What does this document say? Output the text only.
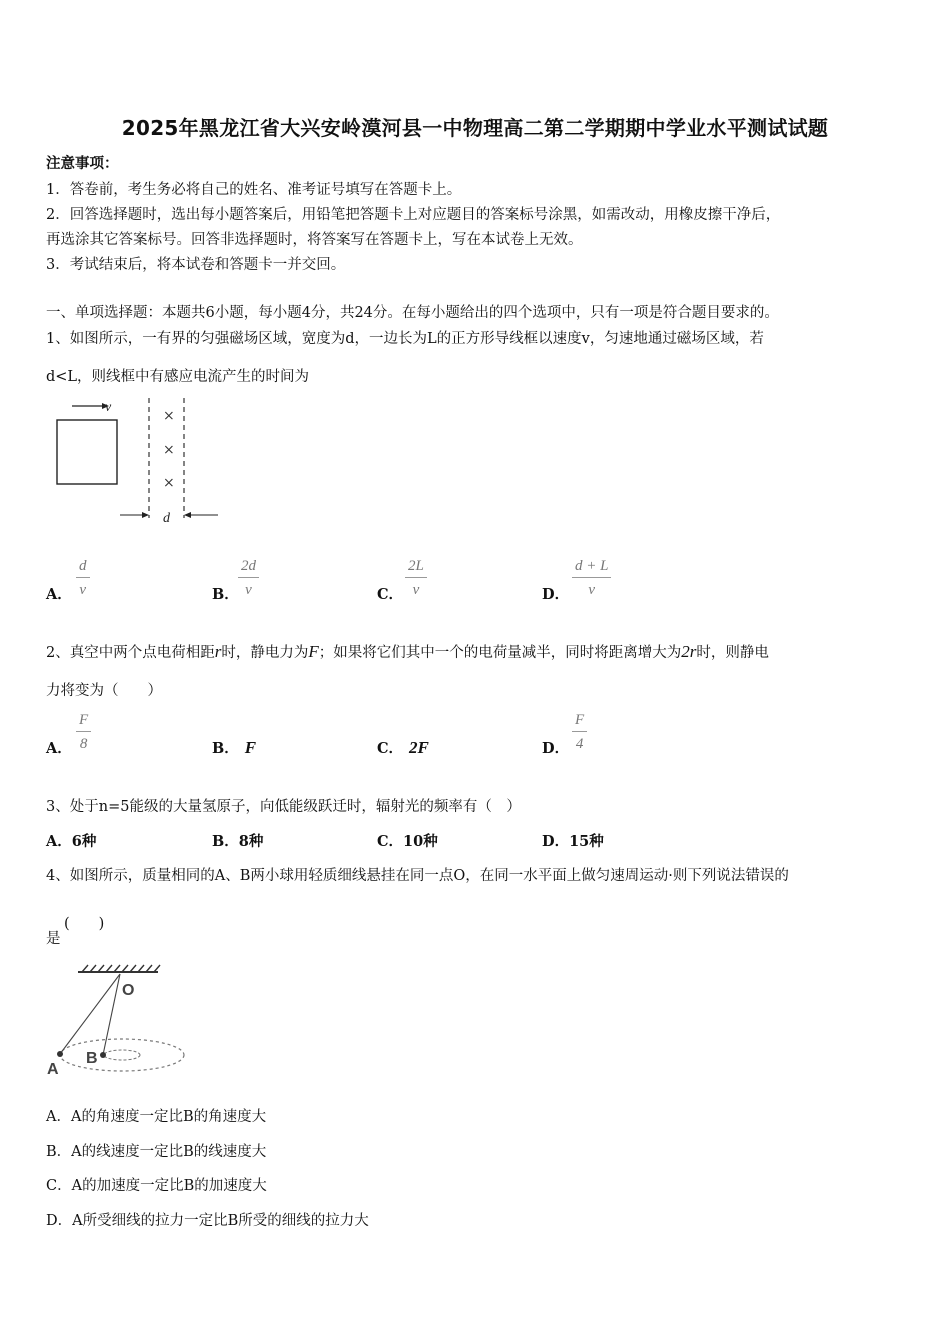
2025年黑龙江省大兴安岭漠河县一中物理高二第二学期期中学业水平测试试题
注意事项：
1．答卷前，考生务必将自己的姓名、准考证号填写在答题卡上。
2．回答选择题时，选出每小题答案后，用铅笔把答题卡上对应题目的答案标号涂黑，如需改动，用橡皮擦干净后，
再选涂其它答案标号。回答非选择题时，将答案写在答题卡上，写在本试卷上无效。
3．考试结束后，将本试卷和答题卡一并交回。
一、单项选择题：本题共6小题，每小题4分，共24分。在每小题给出的四个选项中，只有一项是符合题目要求的。
1、如图所示，一有界的匀强磁场区域，宽度为d，一边长为L的正方形导线框以速度v，匀速地通过磁场区域，若
d<L，则线框中有感应电流产生的时间为
v
×
×
×
d
A． $\frac{d}{v}$	B． $\frac{2d}{v}$	C． $\frac{2L}{v}$	D． $\frac{d + L}{v}$
2、真空中两个点电荷相距r时，静电力为F；如果将它们其中一个的电荷量减半，同时将距离增大为2r时，则静电
力将变为（　　）
A． $\frac{F}{8}$	B． F	C． 2F	D． $\frac{F}{4}$
3、处于n=5能级的大量氢原子，向低能级跃迁时，辐射光的频率有（　）
A．6种	B．8种	C．10种	D．15种
4、如图所示，质量相同的A、B两小球用轻质细线悬挂在同一点O，在同一水平面上做匀速周运动·则下列说法错误的
是
(　　)
O
A
B
A．A的角速度一定比B的角速度大
B．A的线速度一定比B的线速度大
C．A的加速度一定比B的加速度大
D．A所受细线的拉力一定比B所受的细线的拉力大
